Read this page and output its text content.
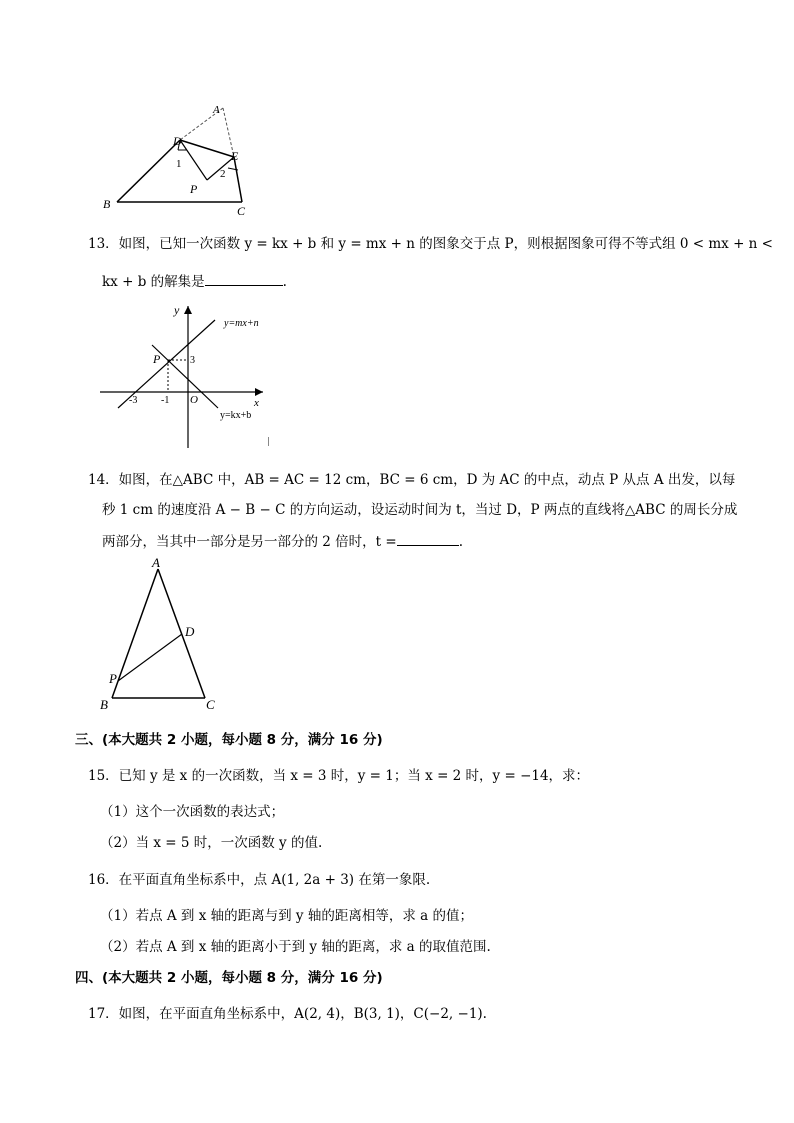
A
D
E
1
2
P
B	C
13．如图，已知一次函数 y = kx + b 和 y = mx + n 的图象交于点 P，则根据图象可得不等式组 0 < mx + n <
kx + b 的解集是	.
y
x
O
y=mx+n
y=kx+b
P
-3 -1
3
14．如图，在△ABC 中，AB = AC = 12 cm，BC = 6 cm，D 为 AC 的中点，动点 P 从点 A 出发，以每
秒 1 cm 的速度沿 A − B − C 的方向运动，设运动时间为 t，当过 D，P 两点的直线将△ABC 的周长分成
两部分，当其中一部分是另一部分的 2 倍时，t =	.
A
D
P
B	C
三、(本大题共 2 小题，每小题 8 分，满分 16 分)
15．已知 y 是 x 的一次函数，当 x = 3 时，y = 1；当 x = 2 时，y = −14，求：
（1）这个一次函数的表达式；
（2）当 x = 5 时，一次函数 y 的值.
16．在平面直角坐标系中，点 A(1, 2a + 3) 在第一象限.
（1）若点 A 到 x 轴的距离与到 y 轴的距离相等，求 a 的值；
（2）若点 A 到 x 轴的距离小于到 y 轴的距离，求 a 的取值范围.
四、(本大题共 2 小题，每小题 8 分，满分 16 分)
17．如图，在平面直角坐标系中，A(2, 4)，B(3, 1)，C(−2, −1).
